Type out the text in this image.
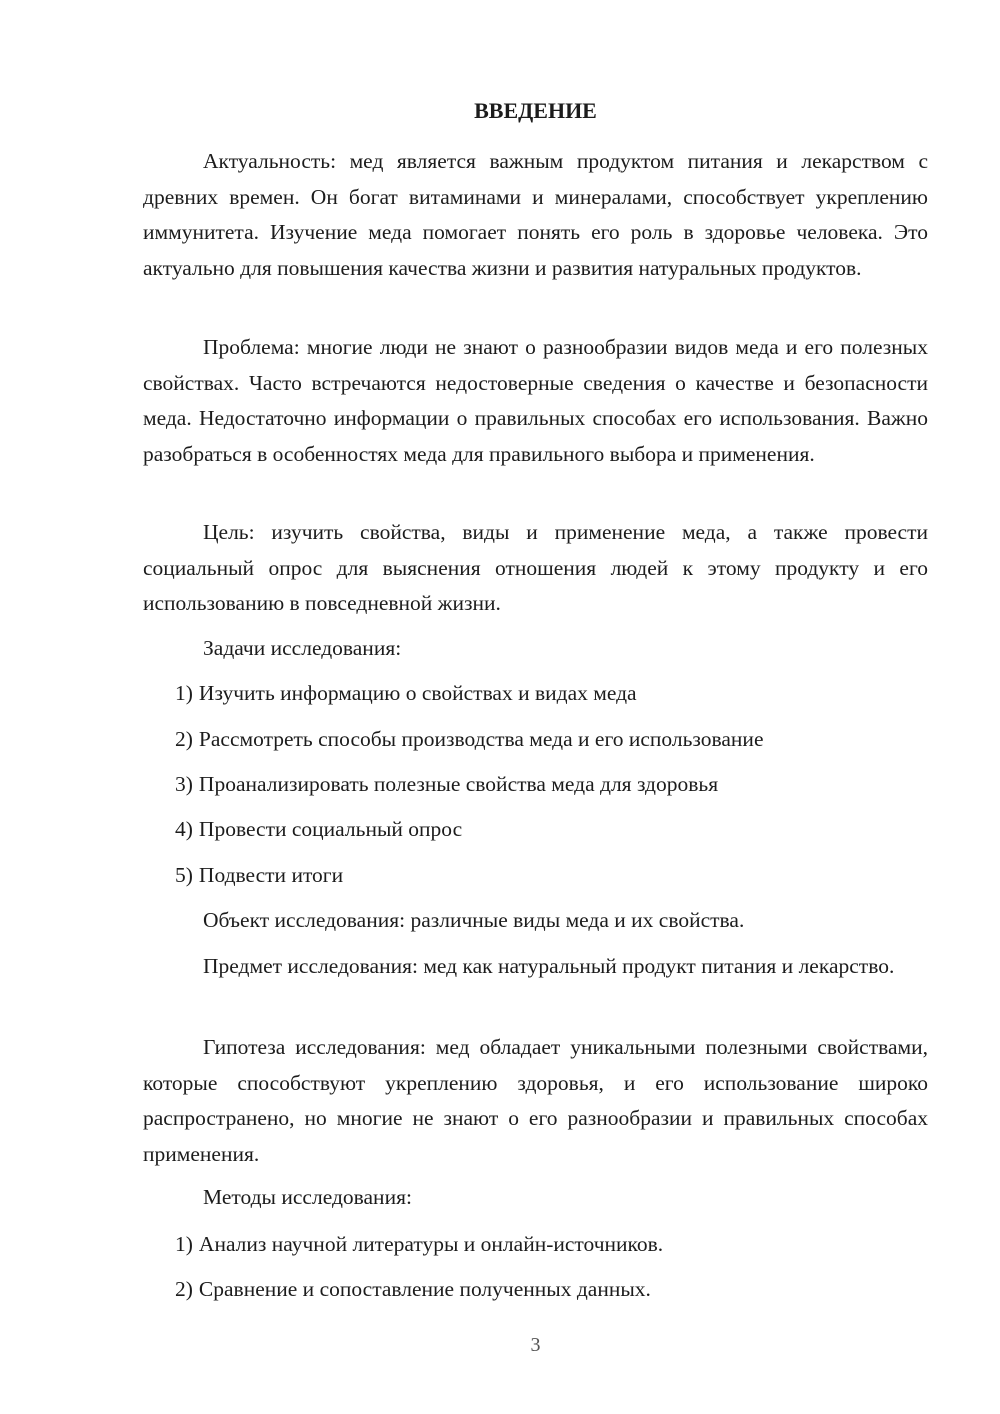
ВВЕДЕНИЕ

Актуальность: мед является важным продуктом питания и лекарством с древних времен. Он богат витаминами и минералами, способствует укреплению иммунитета. Изучение меда помогает понять его роль в здоровье человека. Это актуально для повышения качества жизни и развития натуральных продуктов.

Проблема: многие люди не знают о разнообразии видов меда и его полезных свойствах. Часто встречаются недостоверные сведения о качестве и безопасности меда. Недостаточно информации о правильных способах его использования. Важно разобраться в особенностях меда для правильного выбора и применения.

Цель: изучить свойства, виды и применение меда, а также провести социальный опрос для выяснения отношения людей к этому продукту и его использованию в повседневной жизни.

Задачи исследования:

1) Изучить информацию о свойствах и видах меда

2) Рассмотреть способы производства меда и его использование

3) Проанализировать полезные свойства меда для здоровья

4) Провести социальный опрос

5) Подвести итоги

Объект исследования: различные виды меда и их свойства.

Предмет исследования: мед как натуральный продукт питания и лекарство.

Гипотеза исследования: мед обладает уникальными полезными свойствами, которые способствуют укреплению здоровья, и его использование широко распространено, но многие не знают о его разнообразии и правильных способах применения.

Методы исследования:

1) Анализ научной литературы и онлайн-источников.

2) Сравнение и сопоставление полученных данных.

3
